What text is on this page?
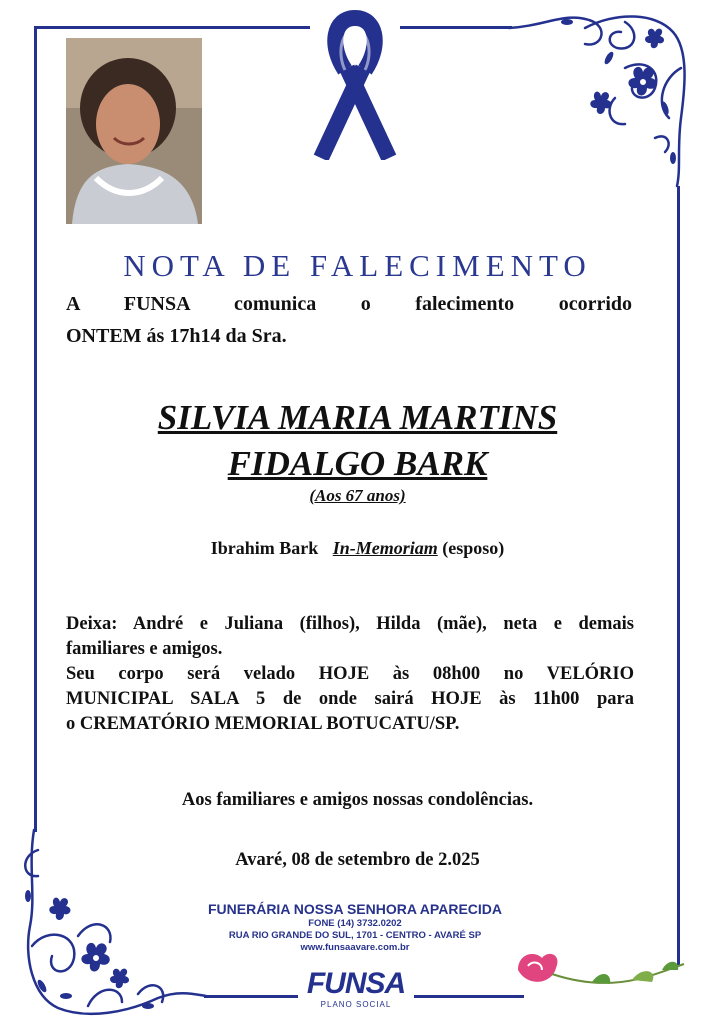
NOTA DE FALECIMENTO
A FUNSA comunica o falecimento ocorrido
ONTEM ás 17h14 da Sra.
SILVIA MARIA MARTINS
FIDALGO BARK
(Aos 67 anos)
Ibrahim Bark In-Memoriam (esposo)
Deixa: André e Juliana (filhos), Hilda (mãe), neta e demais
familiares e amigos.
Seu corpo será velado HOJE às 08h00 no VELÓRIO
MUNICIPAL SALA 5 de onde sairá HOJE às 11h00 para
o CREMATÓRIO MEMORIAL BOTUCATU/SP.
Aos familiares e amigos nossas condolências.
Avaré, 08 de setembro de 2.025
FUNERÁRIA NOSSA SENHORA APARECIDA
FONE (14) 3732.0202
RUA RIO GRANDE DO SUL, 1701 - CENTRO - AVARÉ SP
www.funsaavare.com.br
FUNSA
PLANO SOCIAL
